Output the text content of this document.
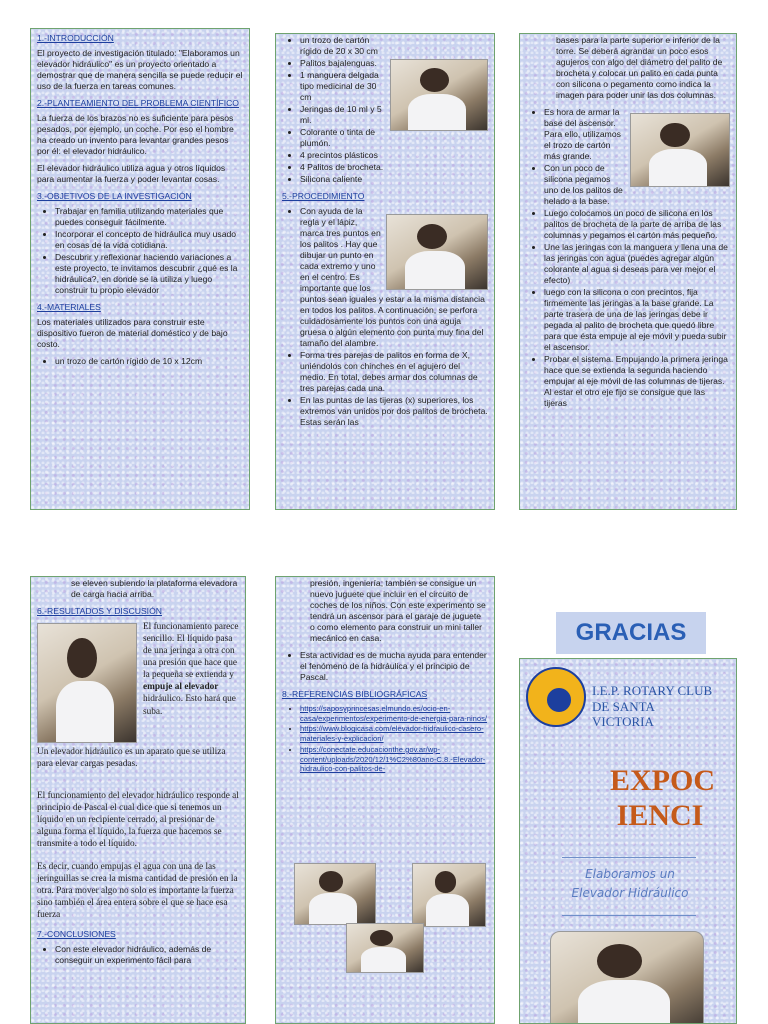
1.-INTRODUCCIÓN

El proyecto de investigación titulado: "Elaboramos un elevador hidráulico" es un proyecto orientado a demostrar que de manera sencilla se puede reducir el uso de la fuerza en tareas comunes.

2.-PLANTEAMIENTO DEL PROBLEMA CIENTÍFICO

La fuerza de los brazos no es suficiente para pesos pesados, por ejemplo, un coche. Por eso el hombre ha creado un invento para levantar grandes pesos por él: el elevador hidráulico.

El elevador hidráulico utiliza agua y otros líquidos para aumentar la fuerza y poder levantar cosas.

3.-OBJETIVOS DE LA INVESTIGACIÓN
• Trabajar en familia utilizando materiales que puedes conseguir fácilmente.
• Incorporar el concepto de hidráulica muy usado en cosas de la vida cotidiana.
• Descubrir y reflexionar haciendo variaciones a este proyecto, te invitamos descubrir ¿qué es la hidráulica?, en donde se la utiliza y luego construir tu propio elevador
4.-MATERIALES

Los materiales utilizados para construir este dispositivo fueron de material doméstico y de bajo costo.

• un trozo de cartón rígido de 10 x 12cm
• un trozo de cartón rígido de 20 x 30 cm
• Palitos bajalenguas.
• 1 manguera delgada tipo medicinal de 30 cm
• Jeringas de 10 ml y 5 ml.
• Colorante o tinta de plumón.
• 4 precintos plásticos
• 4 Palitos de brocheta.
• Silicona caliente
5.-PROCEDIMIENTO
• Con ayuda de la regla y el lápiz, marca tres puntos en los palitos . Hay que dibujar un punto en cada extremo y uno en el centro. Es importante que los puntos sean iguales y estar a la misma distancia en todos los palitos. A continuación, se perfora cuidadosamente los puntos con una aguja gruesa o algún elemento con punta muy fina del tamaño del alambre.
• Forma tres parejas de palitos en forma de X, uniéndolos con chinches en el agujero del medio. En total, debes armar dos columnas de tres parejas cada una.
• En las puntas de las tijeras (x) superiores, los extremos van unidos por dos palitos de brocheta. Estas serán las

bases para la parte superior e inferior de la torre. Se deberá agrandar un poco esos agujeros con algo del diámetro del palito de brocheta y colocar un palito en cada punta con silicona o pegamento como indica la imagen para poder unir las dos columnas.

• Es hora de armar la base del ascensor. Para ello, utilizamos el trozo de cartón más grande.
• Con un poco de silicona pegamos uno de los palitos de helado a la base.
• Luego colocamos un poco de silicona en los palitos de brocheta de la parte de arriba de las columnas y pegamos el cartón más pequeño.
• Une las jeringas con la manguera y llena una de las jeringas con agua (puedes agregar algún colorante al agua si deseas para ver mejor el efecto)
• luego con la silicona o con precintos, fija firmemente las jeringas a la base grande. La parte trasera de una de las jeringas debe ir pegada al palito de brocheta que quedó libre para que ésta empuje al eje móvil y pueda subir el ascensor.
• Probar el sistema. Empujando la primera jeringa hace que se extienda la segunda haciendo empujar al eje móvil de las columnas de tijeras. Al estar el otro eje fijo se consigue que las tijeras

se eleven subiendo la plataforma elevadora de carga hacia arriba.

6.-RESULTADOS Y DISCUSIÓN

El funcionamiento parece sencillo. El líquido pasa de una jeringa a otra con una presión que hace que la pequeña se extienda y empuje al elevador hidráulico. Esto hará que suba.

Un elevador hidráulico es un aparato que se utiliza para elevar cargas pesadas.

El funcionamiento del elevador hidráulico responde al principio de Pascal el cual dice que si tenemos un líquido en un recipiente cerrado, al presionar de alguna forma el líquido, la fuerza que hacemos se transmite a todo el líquido.

Es decir, cuando empujas el agua con una de las jeringuillas se crea la misma cantidad de presión en la otra. Para mover algo no solo es importante la fuerza sino también el área entera sobre el que se hace esa fuerza

7.-CONCLUSIONES
• Con este elevador hidráulico, además de conseguir un experimento fácil para

presión, ingeniería; también se consigue un nuevo juguete que incluir en el circuito de coches de los niños. Con este experimento se tendrá un ascensor para el garaje de juguete o como elemento para construir un mini taller mecánico en casa.

• Esta actividad es de mucha ayuda para entender el fenómeno de la hidráulica y el principio de Pascal.
8.-REFERENCIAS BIBLIOGRÁFICAS
• https://saposyprincesas.elmundo.es/ocio-en-casa/experimentos/experimento-de-energia-para-ninos/
• https://www.blogicasa.com/elevador-hidraulico-casero-materiales-y-explicacion/
• https://conectate.educacionthe.gov.ar/wp-content/uploads/2020/12/1%C2%80ano-C.8.-Elevador-hidraulico-con-palitos-de-
GRACIAS
I.E.P. ROTARY CLUB
DE SANTA
VICTORIA
EXPOC
IENCI
Elaboramos un
Elevador Hidráulico
